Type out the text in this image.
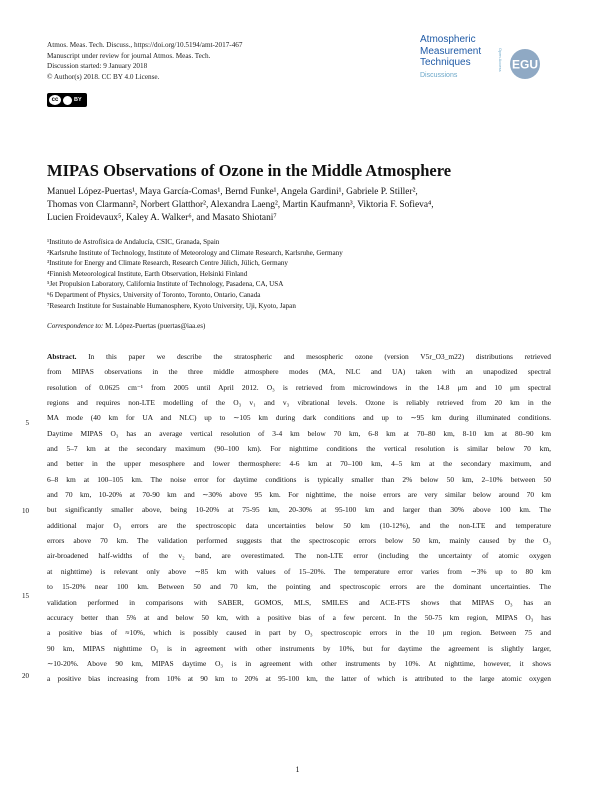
Atmos. Meas. Tech. Discuss., https://doi.org/10.5194/amt-2017-467
Manuscript under review for journal Atmos. Meas. Tech.
Discussion started: 9 January 2018
© Author(s) 2018. CC BY 4.0 License.
cc	BY
Atmospheric
Measurement
Techniques
Discussions
Open Access EGU
MIPAS Observations of Ozone in the Middle Atmosphere
Manuel López-Puertas¹, Maya García-Comas¹, Bernd Funke¹, Angela Gardini¹, Gabriele P. Stiller²,
Thomas von Clarmann², Norbert Glatthor², Alexandra Laeng², Martin Kaufmann³, Viktoria F. Sofieva⁴,
Lucien Froidevaux⁵, Kaley A. Walker⁶, and Masato Shiotani⁷
¹Instituto de Astrofísica de Andalucía, CSIC, Granada, Spain
²Karlsruhe Institute of Technology, Institute of Meteorology and Climate Research, Karlsruhe, Germany
³Institute for Energy and Climate Research, Research Centre Jülich, Jülich, Germany
⁴Finnish Meteorological Institute, Earth Observation, Helsinki Finland
⁵Jet Propulsion Laboratory, California Institute of Technology, Pasadena, CA, USA
⁶6 Department of Physics, University of Toronto, Toronto, Ontario, Canada
⁷Research Institute for Sustainable Humanosphere, Kyoto University, Uji, Kyoto, Japan
Correspondence to: M. López-Puertas (puertas@iaa.es)
Abstract. In this paper we describe the stratospheric and mesospheric ozone (version V5r_O3_m22) distributions retrieved
from MIPAS observations in the three middle atmosphere modes (MA, NLC and UA) taken with an unapodized spectral
resolution of 0.0625 cm⁻¹ from 2005 until April 2012. O₃ is retrieved from microwindows in the 14.8 μm and 10 μm spectral
regions and requires non-LTE modelling of the O₃ v₁ and v₃ vibrational levels. Ozone is reliably retrieved from 20 km in the
MA mode (40 km for UA and NLC) up to ∼105 km during dark conditions and up to ∼95 km during illuminated conditions.
Daytime MIPAS O₃ has an average vertical resolution of 3-4 km below 70 km, 6-8 km at 70–80 km, 8-10 km at 80–90 km
and 5–7 km at the secondary maximum (90–100 km). For nighttime conditions the vertical resolution is similar below 70 km,
and better in the upper mesosphere and lower thermosphere: 4-6 km at 70–100 km, 4–5 km at the secondary maximum, and
6–8 km at 100–105 km. The noise error for daytime conditions is typically smaller than 2% below 50 km, 2–10% between 50
and 70 km, 10-20% at 70-90 km and ∼30% above 95 km. For nighttime, the noise errors are very similar below around 70 km
but significantly smaller above, being 10-20% at 75-95 km, 20-30% at 95-100 km and larger than 30% above 100 km. The
additional major O₃ errors are the spectroscopic data uncertainties below 50 km (10-12%), and the non-LTE and temperature
errors above 70 km. The validation performed suggests that the spectroscopic errors below 50 km, mainly caused by the O₃
air-broadened half-widths of the v₂ band, are overestimated. The non-LTE error (including the uncertainty of atomic oxygen
at nighttime) is relevant only above ∼85 km with values of 15–20%. The temperature error varies from ∼3% up to 80 km
to 15-20% near 100 km. Between 50 and 70 km, the pointing and spectroscopic errors are the dominant uncertainties. The
validation performed in comparisons with SABER, GOMOS, MLS, SMILES and ACE-FTS shows that MIPAS O₃ has an
accuracy better than 5% at and below 50 km, with a positive bias of a few percent. In the 50-75 km region, MIPAS O₃ has
a positive bias of ≈10%, which is possibly caused in part by O₃ spectroscopic errors in the 10 μm region. Between 75 and
90 km, MIPAS nighttime O₃ is in agreement with other instruments by 10%, but for daytime the agreement is slightly larger,
∼10-20%. Above 90 km, MIPAS daytime O₃ is in agreement with other instruments by 10%. At nighttime, however, it shows
a positive bias increasing from 10% at 90 km to 20% at 95-100 km, the latter of which is attributed to the large atomic oxygen
5
10
15
20
1
